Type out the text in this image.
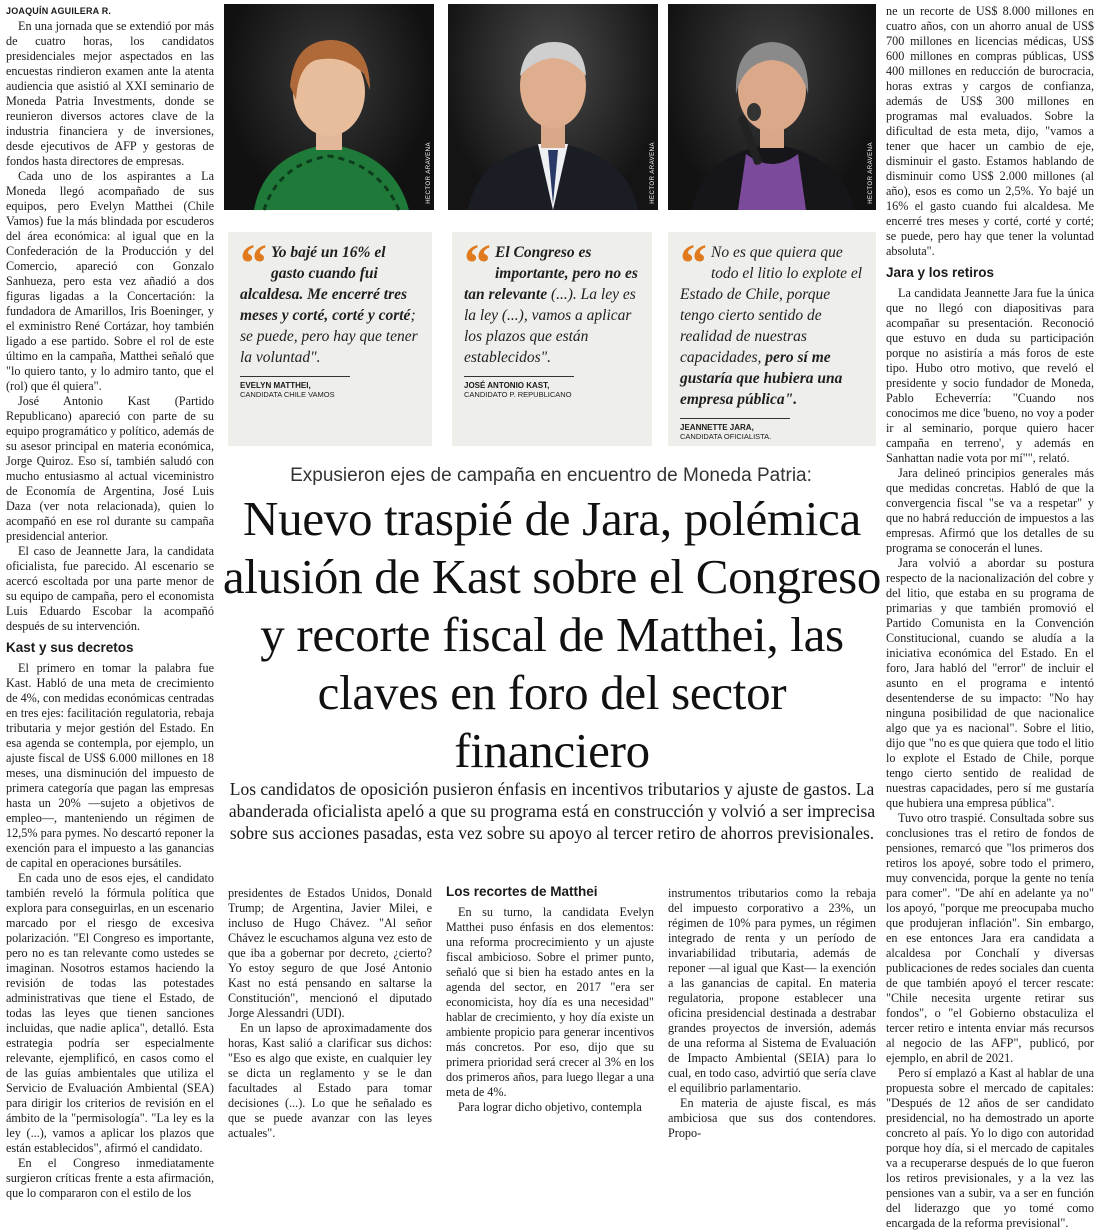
JOAQUÍN AGUILERA R.

En una jornada que se extendió por más de cuatro horas, los candidatos presidenciales mejor aspectados en las encuestas rindieron examen ante la atenta audiencia que asistió al XXI seminario de Moneda Patria Investments, donde se reunieron diversos actores clave de la industria financiera y de inversiones, desde ejecutivos de AFP y gestoras de fondos hasta directores de empresas.

Cada uno de los aspirantes a La Moneda llegó acompañado de sus equipos, pero Evelyn Matthei (Chile Vamos) fue la más blindada por escuderos del área económica: al igual que en la Confederación de la Producción y del Comercio, apareció con Gonzalo Sanhueza, pero esta vez añadió a dos figuras ligadas a la Concertación: la fundadora de Amarillos, Iris Boeninger, y el exministro René Cortázar, hoy también ligado a ese partido. Sobre el rol de este último en la campaña, Matthei señaló que "lo quiero tanto, y lo admiro tanto, que el (rol) que él quiera".

José Antonio Kast (Partido Republicano) apareció con parte de su equipo programático y político, además de su asesor principal en materia económica, Jorge Quiroz. Eso sí, también saludó con mucho entusiasmo al actual viceministro de Economía de Argentina, José Luis Daza (ver nota relacionada), quien lo acompañó en ese rol durante su campaña presidencial anterior.

El caso de Jeannette Jara, la candidata oficialista, fue parecido. Al escenario se acercó escoltada por una parte menor de su equipo de campaña, pero el economista Luis Eduardo Escobar la acompañó después de su intervención.

Kast y sus decretos

El primero en tomar la palabra fue Kast. Habló de una meta de crecimiento de 4%, con medidas económicas centradas en tres ejes: facilitación regulatoria, rebaja tributaria y mejor gestión del Estado. En esa agenda se contempla, por ejemplo, un ajuste fiscal de US$ 6.000 millones en 18 meses, una disminución del impuesto de primera categoría que pagan las empresas hasta un 20% —sujeto a objetivos de empleo—, manteniendo un régimen de 12,5% para pymes. No descartó reponer la exención para el impuesto a las ganancias de capital en operaciones bursátiles.

En cada uno de esos ejes, el candidato también reveló la fórmula política que explora para conseguirlas, en un escenario marcado por el riesgo de excesiva polarización. "El Congreso es importante, pero no es tan relevante como ustedes se imaginan. Nosotros estamos haciendo la revisión de todas las potestades administrativas que tiene el Estado, de todas las leyes que tienen sanciones incluidas, que nadie aplica", detalló. Esta estrategia podría ser especialmente relevante, ejemplificó, en casos como el de las guías ambientales que utiliza el Servicio de Evaluación Ambiental (SEA) para dirigir los criterios de revisión en el ámbito de la "permisología". "La ley es la ley (...), vamos a aplicar los plazos que están establecidos", afirmó el candidato.

En el Congreso inmediatamente surgieron críticas frente a esta afirmación, que lo compararon con el estilo de los

HÉCTOR ARAVENA	HÉCTOR ARAVENA	HÉCTOR ARAVENA
“ Yo bajé un 16% el gasto cuando fui alcaldesa. Me encerré tres meses y corté, corté y corté; se puede, pero hay que tener la voluntad".
EVELYN MATTHEI,
CANDIDATA CHILE VAMOS
“ El Congreso es importante, pero no es tan relevante (...). La ley es la ley (...), vamos a aplicar los plazos que están establecidos".
JOSÉ ANTONIO KAST,
CANDIDATO P. REPUBLICANO
“ No es que quiera que todo el litio lo explote el Estado de Chile, porque tengo cierto sentido de realidad de nuestras capacidades, pero sí me gustaría que hubiera una empresa pública".
JEANNETTE JARA,
CANDIDATA OFICIALISTA.
Expusieron ejes de campaña en encuentro de Moneda Patria:
Nuevo traspié de Jara, polémica alusión de Kast sobre el Congreso y recorte fiscal de Matthei, las claves en foro del sector financiero
Los candidatos de oposición pusieron énfasis en incentivos tributarios y ajuste de gastos. La abanderada oficialista apeló a que su programa está en construcción y volvió a ser imprecisa sobre sus acciones pasadas, esta vez sobre su apoyo al tercer retiro de ahorros previsionales.

presidentes de Estados Unidos, Donald Trump; de Argentina, Javier Milei, e incluso de Hugo Chávez. "Al señor Chávez le escuchamos alguna vez esto de que iba a gobernar por decreto, ¿cierto? Yo estoy seguro de que José Antonio Kast no está pensando en saltarse la Constitución", mencionó el diputado Jorge Alessandri (UDI).

En un lapso de aproximadamente dos horas, Kast salió a clarificar sus dichos: "Eso es algo que existe, en cualquier ley se dicta un reglamento y se le dan facultades al Estado para tomar decisiones (...). Lo que he señalado es que se puede avanzar con las leyes actuales".

Los recortes de Matthei

En su turno, la candidata Evelyn Matthei puso énfasis en dos elementos: una reforma procrecimiento y un ajuste fiscal ambicioso. Sobre el primer punto, señaló que si bien ha estado antes en la agenda del sector, en 2017 "era ser economicista, hoy día es una necesidad" hablar de crecimiento, y hoy día existe un ambiente propicio para generar incentivos más concretos. Por eso, dijo que su primera prioridad será crecer al 3% en los dos primeros años, para luego llegar a una meta de 4%.

Para lograr dicho objetivo, contempla

instrumentos tributarios como la rebaja del impuesto corporativo a 23%, un régimen de 10% para pymes, un régimen integrado de renta y un período de invariabilidad tributaria, además de reponer —al igual que Kast— la exención a las ganancias de capital. En materia regulatoria, propone establecer una oficina presidencial destinada a destrabar grandes proyectos de inversión, además de una reforma al Sistema de Evaluación de Impacto Ambiental (SEIA) para lo cual, en todo caso, advirtió que sería clave el equilibrio parlamentario.

En materia de ajuste fiscal, es más ambiciosa que sus dos contendores. Propo-

ne un recorte de US$ 8.000 millones en cuatro años, con un ahorro anual de US$ 700 millones en licencias médicas, US$ 600 millones en compras públicas, US$ 400 millones en reducción de burocracia, horas extras y cargos de confianza, además de US$ 300 millones en programas mal evaluados. Sobre la dificultad de esta meta, dijo, "vamos a tener que hacer un cambio de eje, disminuir el gasto. Estamos hablando de disminuir como US$ 2.000 millones (al año), esos es como un 2,5%. Yo bajé un 16% el gasto cuando fui alcaldesa. Me encerré tres meses y corté, corté y corté; se puede, pero hay que tener la voluntad absoluta".

Jara y los retiros

La candidata Jeannette Jara fue la única que no llegó con diapositivas para acompañar su presentación. Reconoció que estuvo en duda su participación porque no asistiría a más foros de este tipo. Hubo otro motivo, que reveló el presidente y socio fundador de Moneda, Pablo Echeverría: "Cuando nos conocimos me dice 'bueno, no voy a poder ir al seminario, porque quiero hacer campaña en terreno', y además en Sanhattan nadie vota por mí"", relató.

Jara delineó principios generales más que medidas concretas. Habló de que la convergencia fiscal "se va a respetar" y que no habrá reducción de impuestos a las empresas. Afirmó que los detalles de su programa se conocerán el lunes.

Jara volvió a abordar su postura respecto de la nacionalización del cobre y del litio, que estaba en su programa de primarias y que también promovió el Partido Comunista en la Convención Constitucional, cuando se aludía a la iniciativa económica del Estado. En el foro, Jara habló del "error" de incluir el asunto en el programa e intentó desentenderse de su impacto: "No hay ninguna posibilidad de que nacionalice algo que ya es nacional". Sobre el litio, dijo que "no es que quiera que todo el litio lo explote el Estado de Chile, porque tengo cierto sentido de realidad de nuestras capacidades, pero sí me gustaría que hubiera una empresa pública".

Tuvo otro traspié. Consultada sobre sus conclusiones tras el retiro de fondos de pensiones, remarcó que "los primeros dos retiros los apoyé, sobre todo el primero, muy convencida, porque la gente no tenía para comer". "De ahí en adelante ya no" los apoyó, "porque me preocupaba mucho que produjeran inflación". Sin embargo, en ese entonces Jara era candidata a alcaldesa por Conchalí y diversas publicaciones de redes sociales dan cuenta de que también apoyó el tercer rescate: "Chile necesita urgente retirar sus fondos", o "el Gobierno obstaculiza el tercer retiro e intenta enviar más recursos al negocio de las AFP", publicó, por ejemplo, en abril de 2021.

Pero sí emplazó a Kast al hablar de una propuesta sobre el mercado de capitales: "Después de 12 años de ser candidato presidencial, no ha demostrado un aporte concreto al país. Yo lo digo con autoridad porque hoy día, si el mercado de capitales va a recuperarse después de lo que fueron los retiros previsionales, y a la vez las pensiones van a subir, va a ser en función del liderazgo que yo tomé como encargada de la reforma previsional".
